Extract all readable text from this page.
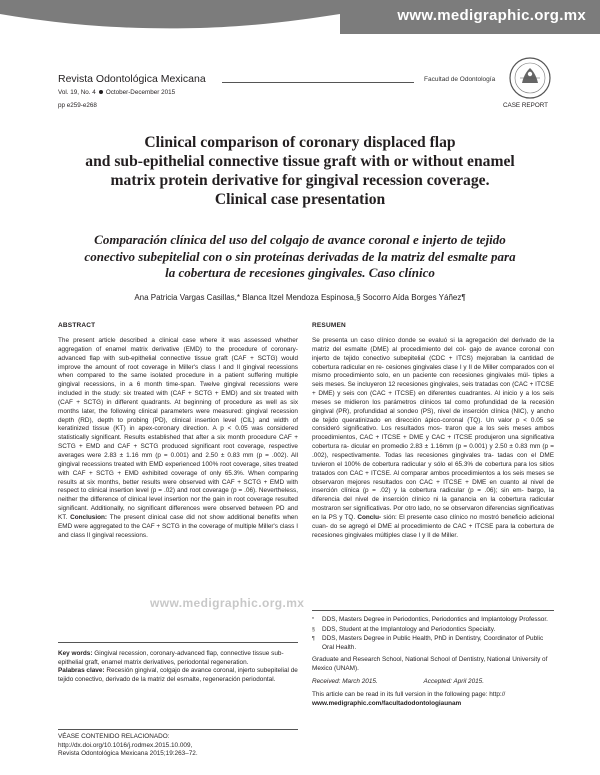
www.medigraphic.org.mx
Revista Odontológica Mexicana	Facultad de Odontología
Vol. 19, No. 4 October-December 2015
pp e259-e268	CASE REPORT
Clinical comparison of coronary displaced flap
and sub-epithelial connective tissue graft with or without enamel
matrix protein derivative for gingival recession coverage.
Clinical case presentation
Comparación clínica del uso del colgajo de avance coronal e injerto de tejido
conectivo subepitelial con o sin proteínas derivadas de la matriz del esmalte para
la cobertura de recesiones gingivales. Caso clínico
Ana Patricia Vargas Casillas,* Blanca Itzel Mendoza Espinosa,§ Socorro Aída Borges Yáñez¶
ABSTRACT
The present article described a clinical case where it was assessed whether aggregation of enamel matrix derivative (EMD) to the procedure of coronary-advanced flap with sub-epithelial connective tissue graft (CAF + SCTG) would improve the amount of root coverage in Miller's class I and II gingival recessions when compared to the same isolated procedure in a patient suffering multiple gingival recessions, in a 6 month time-span. Twelve gingival recessions were included in the study: six treated with (CAF + SCTG + EMD) and six treated with (CAF + SCTG) in different quadrants. At beginning of procedure as well as six months later, the following clinical parameters were measured: gingival recession depth (RD), depth to probing (PD), clinical insertion level (CIL) and width of keratinized tissue (KT) in apex-coronary direction. A p < 0.05 was considered statistically significant. Results established that after a six month procedure CAF + SCTG + EMD and CAF + SCTG produced significant root coverage, respective averages were 2.83 ± 1.16 mm (p = 0.001) and 2.50 ± 0.83 mm (p = .002). All gingival recessions treated with EMD experienced 100% root coverage, sites treated with CAF + SCTG + EMD exhibited coverage of only 65.3%. When comparing results at six months, better results were observed with CAF + SCTG + EMD with respect to clinical insertion level (p = .02) and root coverage (p = .06). Nevertheless, neither the difference of clinical level insertion nor the gain in root coverage resulted significant. Additionally, no significant differences were observed between PD and KT. Conclusion: The present clinical case did not show additional benefits when EMD were aggregated to the CAF + SCTG in the coverage of multiple Miller's class I and class II gingival recessions.
RESUMEN
Se presenta un caso clínico donde se evaluó si la agregación del derivado de la matriz del esmalte (DME) al procedimiento del col- gajo de avance coronal con injerto de tejido conectivo subepitelial (CDC + ITCS) mejoraban la cantidad de cobertura radicular en re- cesiones gingivales clase I y II de Miller comparados con el mismo procedimiento solo, en un paciente con recesiones gingivales múl- tiples a seis meses. Se incluyeron 12 recesiones gingivales, seis tratadas con (CAC + ITCSE + DME) y seis con (CAC + ITCSE) en diferentes cuadrantes. Al inicio y a los seis meses se midieron los parámetros clínicos tal como profundidad de la recesión gingival (PR), profundidad al sondeo (PS), nivel de inserción clínica (NIC), y ancho de tejido queratinizado en dirección ápico-coronal (TQ). Un valor p < 0.05 se consideró significativo. Los resultados mos- traron que a los seis meses ambos procedimientos, CAC + ITCSE + DME y CAC + ITCSE produjeron una significativa cobertura ra- dicular en promedio 2.83 ± 1.16mm (p = 0.001) y 2.50 ± 0.83 mm (p = .002), respectivamente. Todas las recesiones gingivales tra- tadas con el DME tuvieron el 100% de cobertura radicular y sólo el 65.3% de cobertura para los sitios tratados con CAC + ITCSE. Al comparar ambos procedimientos a los seis meses se observaron mejores resultados con CAC + ITCSE + DME en cuanto al nivel de inserción clínica (p = .02) y la cobertura radicular (p = .06); sin em- bargo, la diferencia del nivel de inserción clínico ni la ganancia en la cobertura radicular mostraron ser significativas. Por otro lado, no se observaron diferencias significativas en la PS y TQ. Conclu- sión: El presente caso clínico no mostró beneficio adicional cuan- do se agregó el DME al procedimiento de CAC + ITCSE para la cobertura de recesiones gingivales múltiples clase I y II de Miller.
www.medigraphic.org.mx
Key words: Gingival recession, coronary-advanced flap, connective tissue sub-epithelial graft, enamel matrix derivatives, periodontal regeneration.
Palabras clave: Recesión gingival, colgajo de avance coronal, injerto subepitelial de tejido conectivo, derivado de la matriz del esmalte, regeneración periodontal.
* DDS, Masters Degree in Periodontics, Periodontics and Implantology Professor.
§ DDS, Student at the Implantology and Periodontics Specialty.
¶ DDS, Masters Degree in Public Health, PhD in Dentistry, Coordinator of Public Oral Health.
Graduate and Research School, National School of Dentistry, National University of Mexico (UNAM).
Received: March 2015.	Accepted: April 2015.
This article can be read in its full version in the following page: http:// www.medigraphic.com/facultadodontologiaunam
VÉASE CONTENIDO RELACIONADO:
http://dx.doi.org/10.1016/j.rodmex.2015.10.009,
Revista Odontológica Mexicana 2015;19:263–72.
